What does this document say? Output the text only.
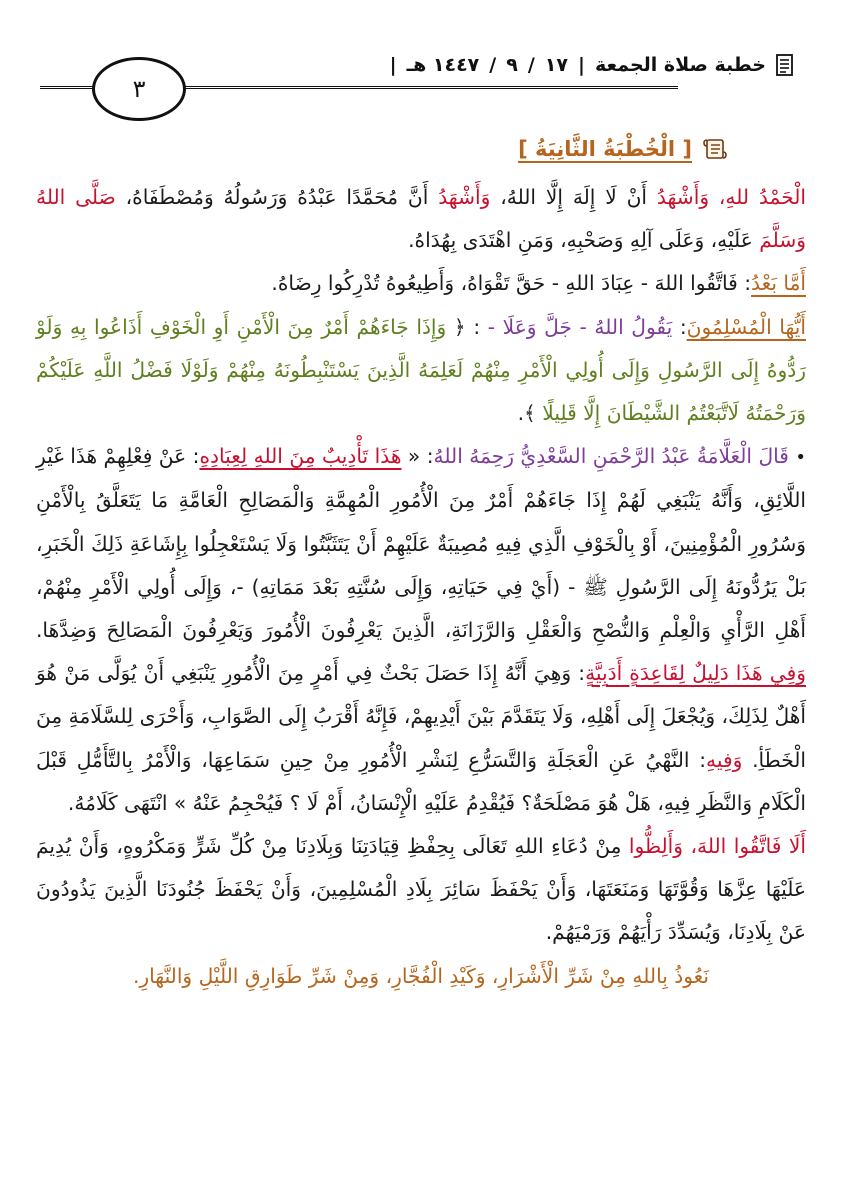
خطبة صلاة الجمعة
|
١٧
/
٩
/
١٤٤٧ هـ
|
٣
[ الْخُطْبَةُ الثَّانِيَةُ ]

الْحَمْدُ للهِ، وَأَشْهَدُ أَنْ لَا إِلَهَ إِلَّا اللهُ، وَأَشْهَدُ أَنَّ مُحَمَّدًا عَبْدُهُ وَرَسُولُهُ وَمُصْطَفَاهُ، صَلَّى اللهُ وَسَلَّمَ عَلَيْهِ، وَعَلَى آلِهِ وَصَحْبِهِ، وَمَنِ اهْتَدَى بِهُدَاهُ.

أَمَّا بَعْدُ: فَاتَّقُوا اللهَ - عِبَادَ اللهِ - حَقَّ تَقْوَاهُ، وَأَطِيعُوهُ تُدْرِكُوا رِضَاهُ.

أَيُّهَا الْمُسْلِمُونَ: يَقُولُ اللهُ - جَلَّ وَعَلَا - : ﴿ وَإِذَا جَاءَهُمْ أَمْرٌ مِنَ الْأَمْنِ أَوِ الْخَوْفِ أَذَاعُوا بِهِ وَلَوْ رَدُّوهُ إِلَى الرَّسُولِ وَإِلَى أُولِي الْأَمْرِ مِنْهُمْ لَعَلِمَهُ الَّذِينَ يَسْتَنْبِطُونَهُ مِنْهُمْ وَلَوْلَا فَضْلُ اللَّهِ عَلَيْكُمْ وَرَحْمَتُهُ لَاتَّبَعْتُمُ الشَّيْطَانَ إِلَّا قَلِيلًا ﴾.

• قَالَ الْعَلَّامَةُ عَبْدُ الرَّحْمَنِ السَّعْدِيُّ رَحِمَهُ اللهُ: « هَذَا تَأْدِيبٌ مِنَ اللهِ لِعِبَادِهِ: عَنْ فِعْلِهِمْ هَذَا غَيْرِ اللَّائِقِ، وَأَنَّهُ يَنْبَغِي لَهُمْ إِذَا جَاءَهُمْ أَمْرٌ مِنَ الْأُمُورِ الْمُهِمَّةِ وَالْمَصَالِحِ الْعَامَّةِ مَا يَتَعَلَّقُ بِالْأَمْنِ وَسُرُورِ الْمُؤْمِنِينَ، أَوْ بِالْخَوْفِ الَّذِي فِيهِ مُصِيبَةٌ عَلَيْهِمْ أَنْ يَتَثَبَّتُوا وَلَا يَسْتَعْجِلُوا بِإِشَاعَةِ ذَلِكَ الْخَبَرِ، بَلْ يَرُدُّونَهُ إِلَى الرَّسُولِ ﷺ - (أَيْ فِي حَيَاتِهِ، وَإِلَى سُنَّتِهِ بَعْدَ مَمَاتِهِ) -، وَإِلَى أُولِي الْأَمْرِ مِنْهُمْ، أَهْلِ الرَّأْيِ وَالْعِلْمِ وَالنُّصْحِ وَالْعَقْلِ وَالرَّزَانَةِ، الَّذِينَ يَعْرِفُونَ الْأُمُورَ وَيَعْرِفُونَ الْمَصَالِحَ وَضِدَّهَا. وَفِي هَذَا دَلِيلٌ لِقَاعِدَةٍ أَدَبِيَّةٍ: وَهِيَ أَنَّهُ إِذَا حَصَلَ بَحْثٌ فِي أَمْرٍ مِنَ الْأُمُورِ يَنْبَغِي أَنْ يُوَلَّى مَنْ هُوَ أَهْلٌ لِذَلِكَ، وَيُجْعَلَ إِلَى أَهْلِهِ، وَلَا يَتَقَدَّمَ بَيْنَ أَيْدِيهِمْ، فَإِنَّهُ أَقْرَبُ إِلَى الصَّوَابِ، وَأَحْرَى لِلسَّلَامَةِ مِنَ الْخَطَأِ. وَفِيهِ: النَّهْيُ عَنِ الْعَجَلَةِ وَالتَّسَرُّعِ لِنَشْرِ الْأُمُورِ مِنْ حِينِ سَمَاعِهَا، وَالْأَمْرُ بِالتَّأَمُّلِ قَبْلَ الْكَلَامِ وَالنَّظَرِ فِيهِ، هَلْ هُوَ مَصْلَحَةٌ؟ فَيُقْدِمُ عَلَيْهِ الْإِنْسَانُ، أَمْ لَا ؟ فَيُحْجِمُ عَنْهُ » انْتَهَى كَلَامُهُ.

أَلَا فَاتَّقُوا اللهَ، وَأَلِظُّوا مِنْ دُعَاءِ اللهِ تَعَالَى بِحِفْظِ قِيَادَتِنَا وَبِلَادِنَا مِنْ كُلِّ شَرٍّ وَمَكْرُوهٍ، وَأَنْ يُدِيمَ عَلَيْهَا عِزَّهَا وَقُوَّتَهَا وَمَنَعَتَهَا، وَأَنْ يَحْفَظَ سَائِرَ بِلَادِ الْمُسْلِمِينَ، وَأَنْ يَحْفَظَ جُنُودَنَا الَّذِينَ يَذُودُونَ عَنْ بِلَادِنَا، وَيُسَدِّدَ رَأْيَهُمْ وَرَمْيَهُمْ.

نَعُوذُ بِاللهِ مِنْ شَرِّ الْأَشْرَارِ، وَكَيْدِ الْفُجَّارِ، وَمِنْ شَرِّ طَوَارِقِ اللَّيْلِ وَالنَّهَارِ.
